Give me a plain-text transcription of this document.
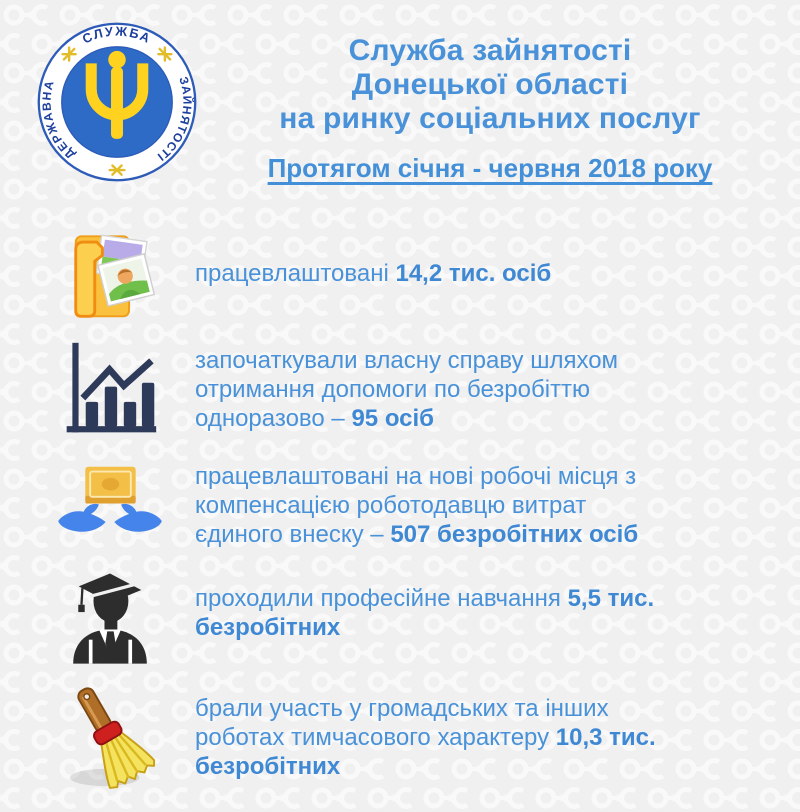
СЛУЖБА
ДЕРЖАВНА	ЗАЙНЯТОСТІ
Служба зайнятості
Донецької області
на ринку соціальних послуг
Протягом січня - червня 2018 року
працевлаштовані 14,2 тис. осіб
започаткували власну справу шляхом
отримання допомоги по безробіттю
одноразово – 95 осіб
працевлаштовані на нові робочі місця з
компенсацією роботодавцю витрат
єдиного внеску – 507 безробітних осіб
проходили професійне навчання 5,5 тис.
безробітних
брали участь у громадських та інших
роботах тимчасового характеру 10,3 тис.
безробітних
